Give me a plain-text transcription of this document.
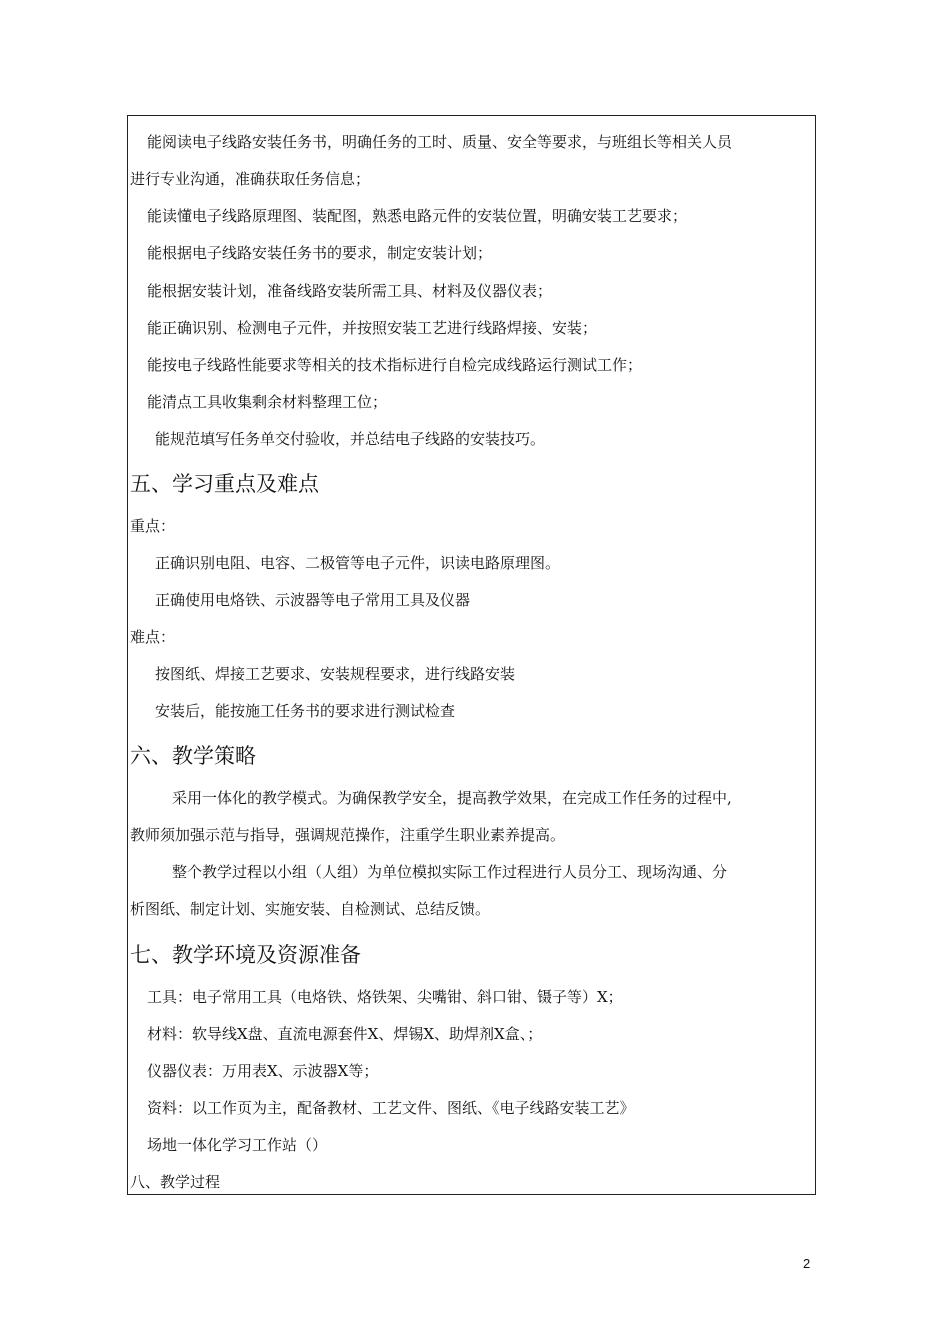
能阅读电子线路安装任务书，明确任务的工时、质量、安全等要求，与班组长等相关人员
进行专业沟通，准确获取任务信息；
能读懂电子线路原理图、装配图，熟悉电路元件的安装位置，明确安装工艺要求；
能根据电子线路安装任务书的要求，制定安装计划；
能根据安装计划，准备线路安装所需工具、材料及仪器仪表；
能正确识别、检测电子元件，并按照安装工艺进行线路焊接、安装；
能按电子线路性能要求等相关的技术指标进行自检完成线路运行测试工作；
能清点工具收集剩余材料整理工位；
能规范填写任务单交付验收，并总结电子线路的安装技巧。
五、学习重点及难点
重点：
正确识别电阻、电容、二极管等电子元件，识读电路原理图。
正确使用电烙铁、示波器等电子常用工具及仪器
难点：
按图纸、焊接工艺要求、安装规程要求，进行线路安装
安装后，能按施工任务书的要求进行测试检查
六、教学策略
采用一体化的教学模式。为确保教学安全，提高教学效果，在完成工作任务的过程中,
教师须加强示范与指导，强调规范操作，注重学生职业素养提高。
整个教学过程以小组（人组）为单位模拟实际工作过程进行人员分工、现场沟通、分
析图纸、制定计划、实施安装、自检测试、总结反馈。
七、教学环境及资源准备
工具：电子常用工具（电烙铁、烙铁架、尖嘴钳、斜口钳、镊子等）X；
材料：软导线X盘、直流电源套件X、焊锡X、助焊剂X盒、；
仪器仪表：万用表X、示波器X等；
资料：以工作页为主，配备教材、工艺文件、图纸、《电子线路安装工艺》
场地一体化学习工作站（）
八、教学过程
2
